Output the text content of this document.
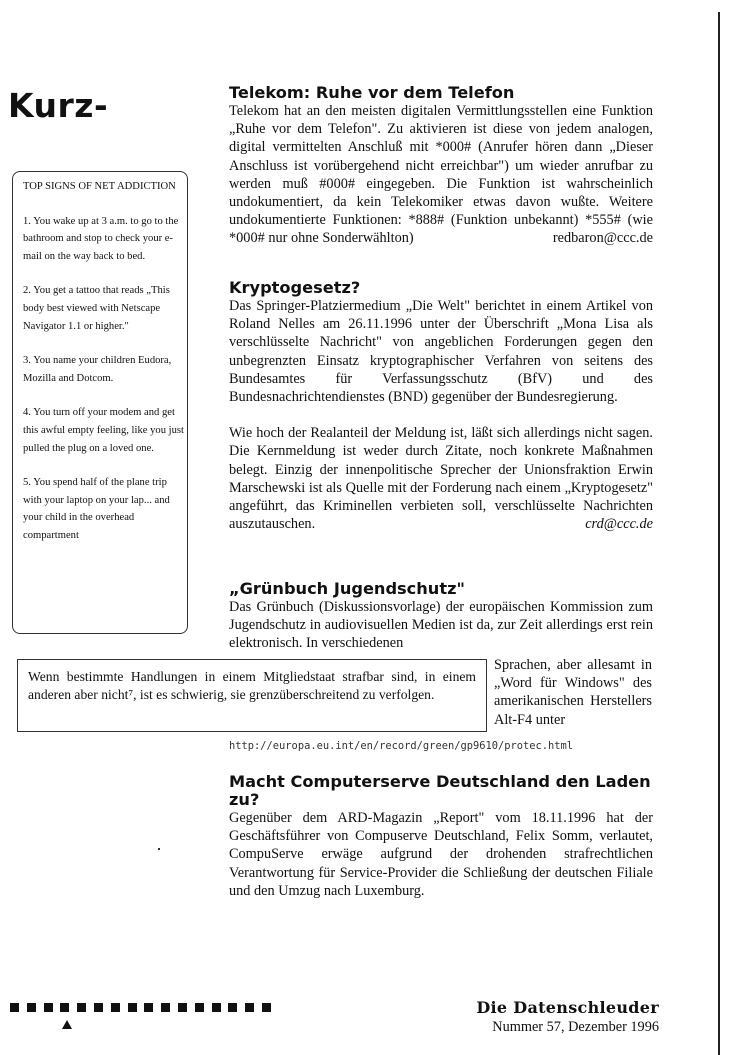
Kurz-
TOP SIGNS OF NET ADDICTION
1. You wake up at 3 a.m. to go to the bathroom and stop to check your e-mail on the way back to bed.
2. You get a tattoo that reads „This body best viewed with Netscape Navigator 1.1 or higher."
3. You name your children Eudora, Mozilla and Dotcom.
4. You turn off your modem and get this awful empty feeling, like you just pulled the plug on a loved one.
5. You spend half of the plane trip with your laptop on your lap... and your child in the overhead compartment
Telekom: Ruhe vor dem Telefon

Telekom hat an den meisten digitalen Vermittlungsstellen eine Funktion „Ruhe vor dem Telefon". Zu aktivieren ist diese von jedem analogen, digital vermittelten Anschluß mit *000# (Anrufer hören dann „Dieser Anschluss ist vorübergehend nicht erreichbar") um wieder anrufbar zu werden muß #000# eingegeben. Die Funktion ist wahrscheinlich undokumentiert, da kein Telekomiker etwas davon wußte. Weitere undokumentierte Funktionen: *888# (Funktion unbekannt) *555# (wie *000# nur ohne Sonderwählton)	redbaron@ccc.de

Kryptogesetz?

Das Springer-Platziermedium „Die Welt" berichtet in einem Artikel von Roland Nelles am 26.11.1996 unter der Überschrift „Mona Lisa als verschlüsselte Nachricht" von angeblichen Forderungen gegen den unbegrenzten Einsatz kryptographischer Verfahren von seitens des Bundesamtes für Verfassungsschutz (BfV) und des Bundesnachrichtendienstes (BND) gegenüber der Bundesregierung.

Wie hoch der Realanteil der Meldung ist, läßt sich allerdings nicht sagen. Die Kernmeldung ist weder durch Zitate, noch konkrete Maßnahmen belegt. Einzig der innenpolitische Sprecher der Unionsfraktion Erwin Marschewski ist als Quelle mit der Forderung nach einem „Kryptogesetz" angeführt, das Kriminellen verbieten soll, verschlüsselte Nachrichten auszutauschen.	crd@ccc.de

„Grünbuch Jugendschutz"

Das Grünbuch (Diskussionsvorlage) der europäischen Kommission zum Jugendschutz in audiovisuellen Medien ist da, zur Zeit allerdings erst rein elektronisch. In verschiedenen

Wenn bestimmte Handlungen in einem Mitgliedstaat strafbar sind, in einem anderen aber nicht⁷, ist es schwierig, sie grenzüberschreitend zu verfolgen.
Sprachen, aber allesamt in „Word für Windows" des amerikanischen Herstellers Alt-F4 unter
http://europa.eu.int/en/record/green/gp9610/protec.html
Macht Computerserve Deutschland den Laden zu?

Gegenüber dem ARD-Magazin „Report" vom 18.11.1996 hat der Geschäftsführer von Compuserve Deutschland, Felix Somm, verlautet, CompuServe erwäge aufgrund der drohenden strafrechtlichen Verantwortung für Service-Provider die Schließung der deutschen Filiale und den Umzug nach Luxemburg.

Die Datenschleuder
Nummer 57, Dezember 1996
